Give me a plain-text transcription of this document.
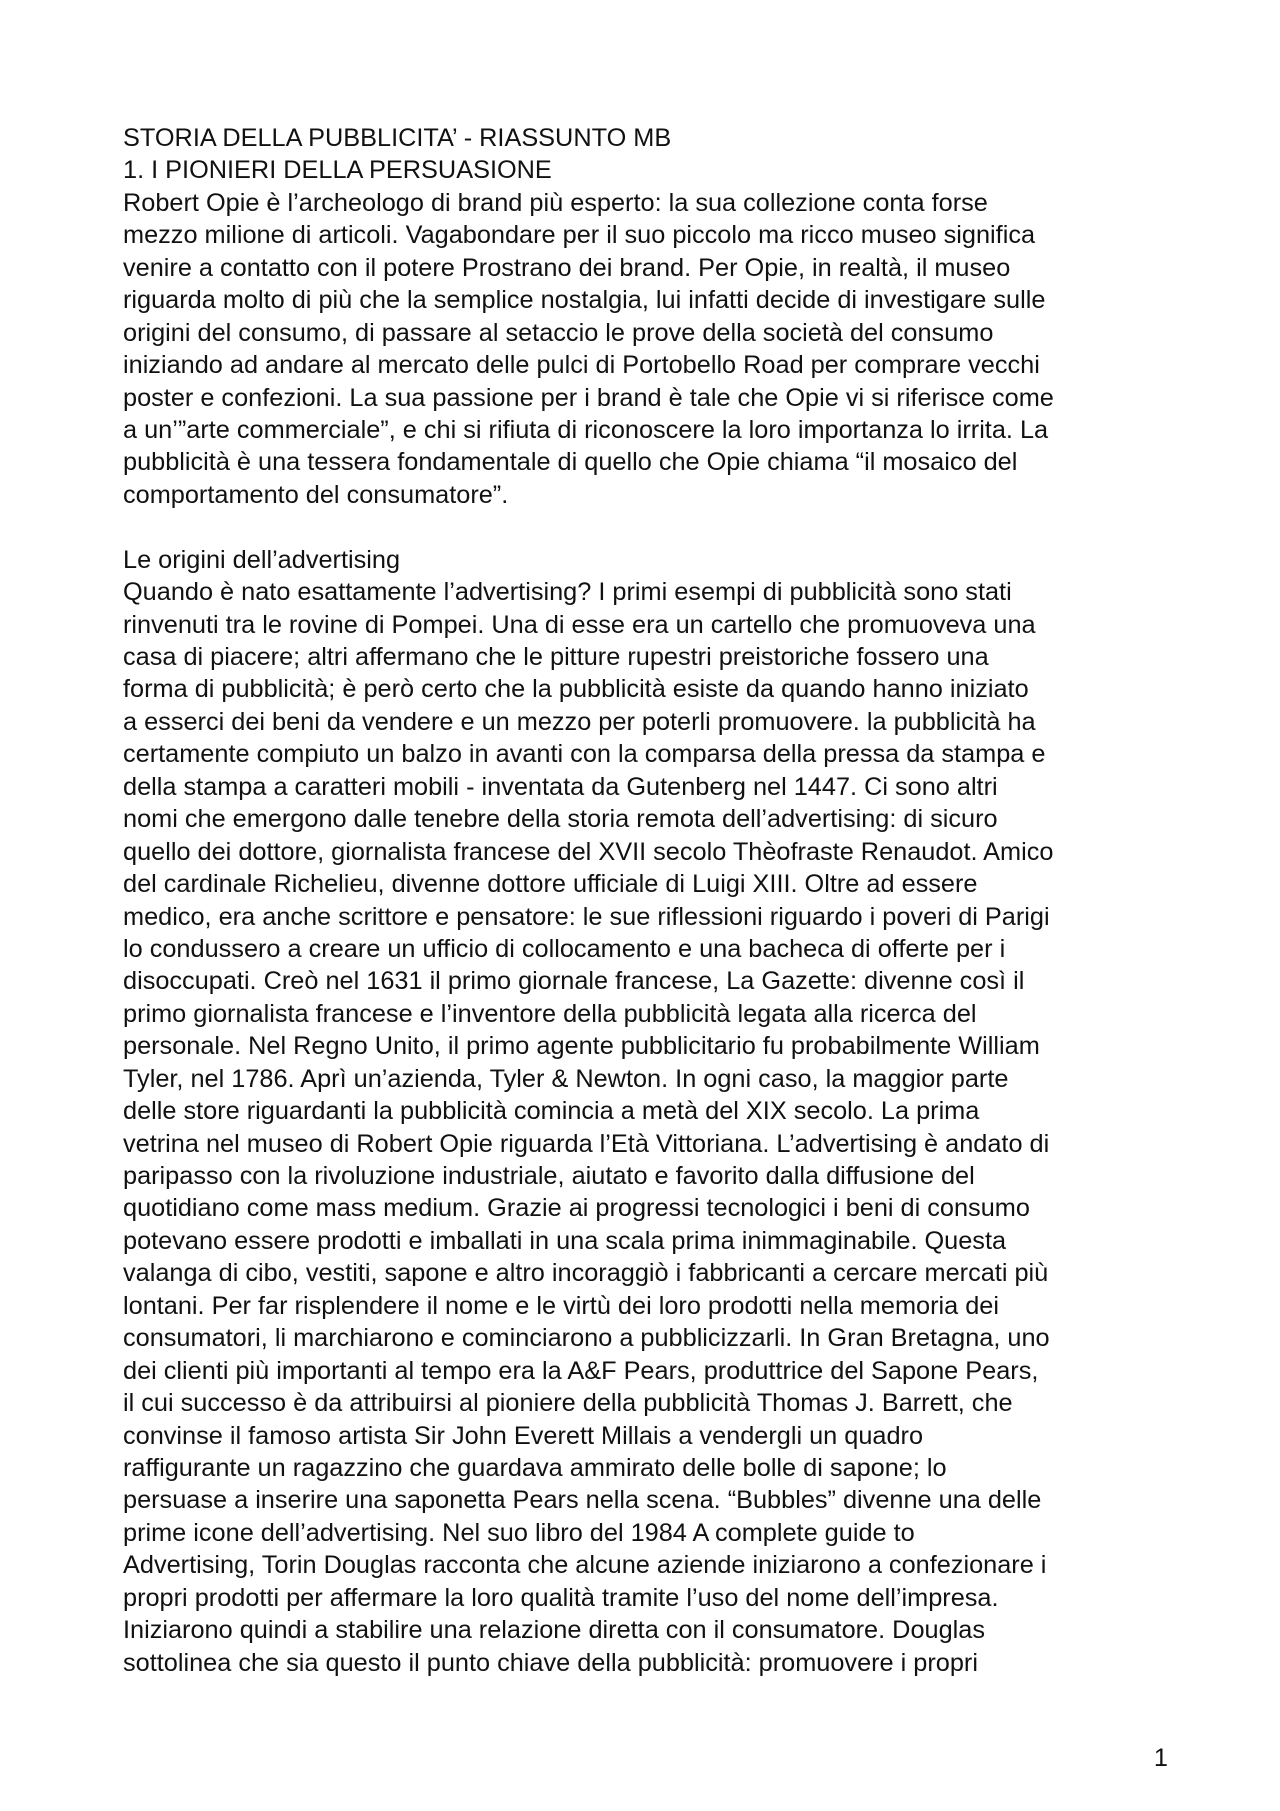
STORIA DELLA PUBBLICITA’ - RIASSUNTO MB
1. I PIONIERI DELLA PERSUASIONE
Robert Opie è l’archeologo di brand più esperto: la sua collezione conta forse
mezzo milione di articoli. Vagabondare per il suo piccolo ma ricco museo significa
venire a contatto con il potere Prostrano dei brand. Per Opie, in realtà, il museo
riguarda molto di più che la semplice nostalgia, lui infatti decide di investigare sulle
origini del consumo, di passare al setaccio le prove della società del consumo
iniziando ad andare al mercato delle pulci di Portobello Road per comprare vecchi
poster e confezioni. La sua passione per i brand è tale che Opie vi si riferisce come
a un’”arte commerciale”, e chi si rifiuta di riconoscere la loro importanza lo irrita. La
pubblicità è una tessera fondamentale di quello che Opie chiama “il mosaico del
comportamento del consumatore”.
Le origini dell’advertising
Quando è nato esattamente l’advertising? I primi esempi di pubblicità sono stati
rinvenuti tra le rovine di Pompei. Una di esse era un cartello che promuoveva una
casa di piacere; altri affermano che le pitture rupestri preistoriche fossero una
forma di pubblicità; è però certo che la pubblicità esiste da quando hanno iniziato
a esserci dei beni da vendere e un mezzo per poterli promuovere. la pubblicità ha
certamente compiuto un balzo in avanti con la comparsa della pressa da stampa e
della stampa a caratteri mobili - inventata da Gutenberg nel 1447. Ci sono altri
nomi che emergono dalle tenebre della storia remota dell’advertising: di sicuro
quello dei dottore, giornalista francese del XVII secolo Thèofraste Renaudot. Amico
del cardinale Richelieu, divenne dottore ufficiale di Luigi XIII. Oltre ad essere
medico, era anche scrittore e pensatore: le sue riflessioni riguardo i poveri di Parigi
lo condussero a creare un ufficio di collocamento e una bacheca di offerte per i
disoccupati. Creò nel 1631 il primo giornale francese, La Gazette: divenne così il
primo giornalista francese e l’inventore della pubblicità legata alla ricerca del
personale. Nel Regno Unito, il primo agente pubblicitario fu probabilmente William
Tyler, nel 1786. Aprì un’azienda, Tyler & Newton. In ogni caso, la maggior parte
delle store riguardanti la pubblicità comincia a metà del XIX secolo. La prima
vetrina nel museo di Robert Opie riguarda l’Età Vittoriana. L’advertising è andato di
paripasso con la rivoluzione industriale, aiutato e favorito dalla diffusione del
quotidiano come mass medium. Grazie ai progressi tecnologici i beni di consumo
potevano essere prodotti e imballati in una scala prima inimmaginabile. Questa
valanga di cibo, vestiti, sapone e altro incoraggiò i fabbricanti a cercare mercati più
lontani. Per far risplendere il nome e le virtù dei loro prodotti nella memoria dei
consumatori, li marchiarono e cominciarono a pubblicizzarli. In Gran Bretagna, uno
dei clienti più importanti al tempo era la A&F Pears, produttrice del Sapone Pears,
il cui successo è da attribuirsi al pioniere della pubblicità Thomas J. Barrett, che
convinse il famoso artista Sir John Everett Millais a vendergli un quadro
raffigurante un ragazzino che guardava ammirato delle bolle di sapone; lo
persuase a inserire una saponetta Pears nella scena. “Bubbles” divenne una delle
prime icone dell’advertising. Nel suo libro del 1984 A complete guide to
Advertising, Torin Douglas racconta che alcune aziende iniziarono a confezionare i
propri prodotti per affermare la loro qualità tramite l’uso del nome dell’impresa.
Iniziarono quindi a stabilire una relazione diretta con il consumatore. Douglas
sottolinea che sia questo il punto chiave della pubblicità: promuovere i propri
1
